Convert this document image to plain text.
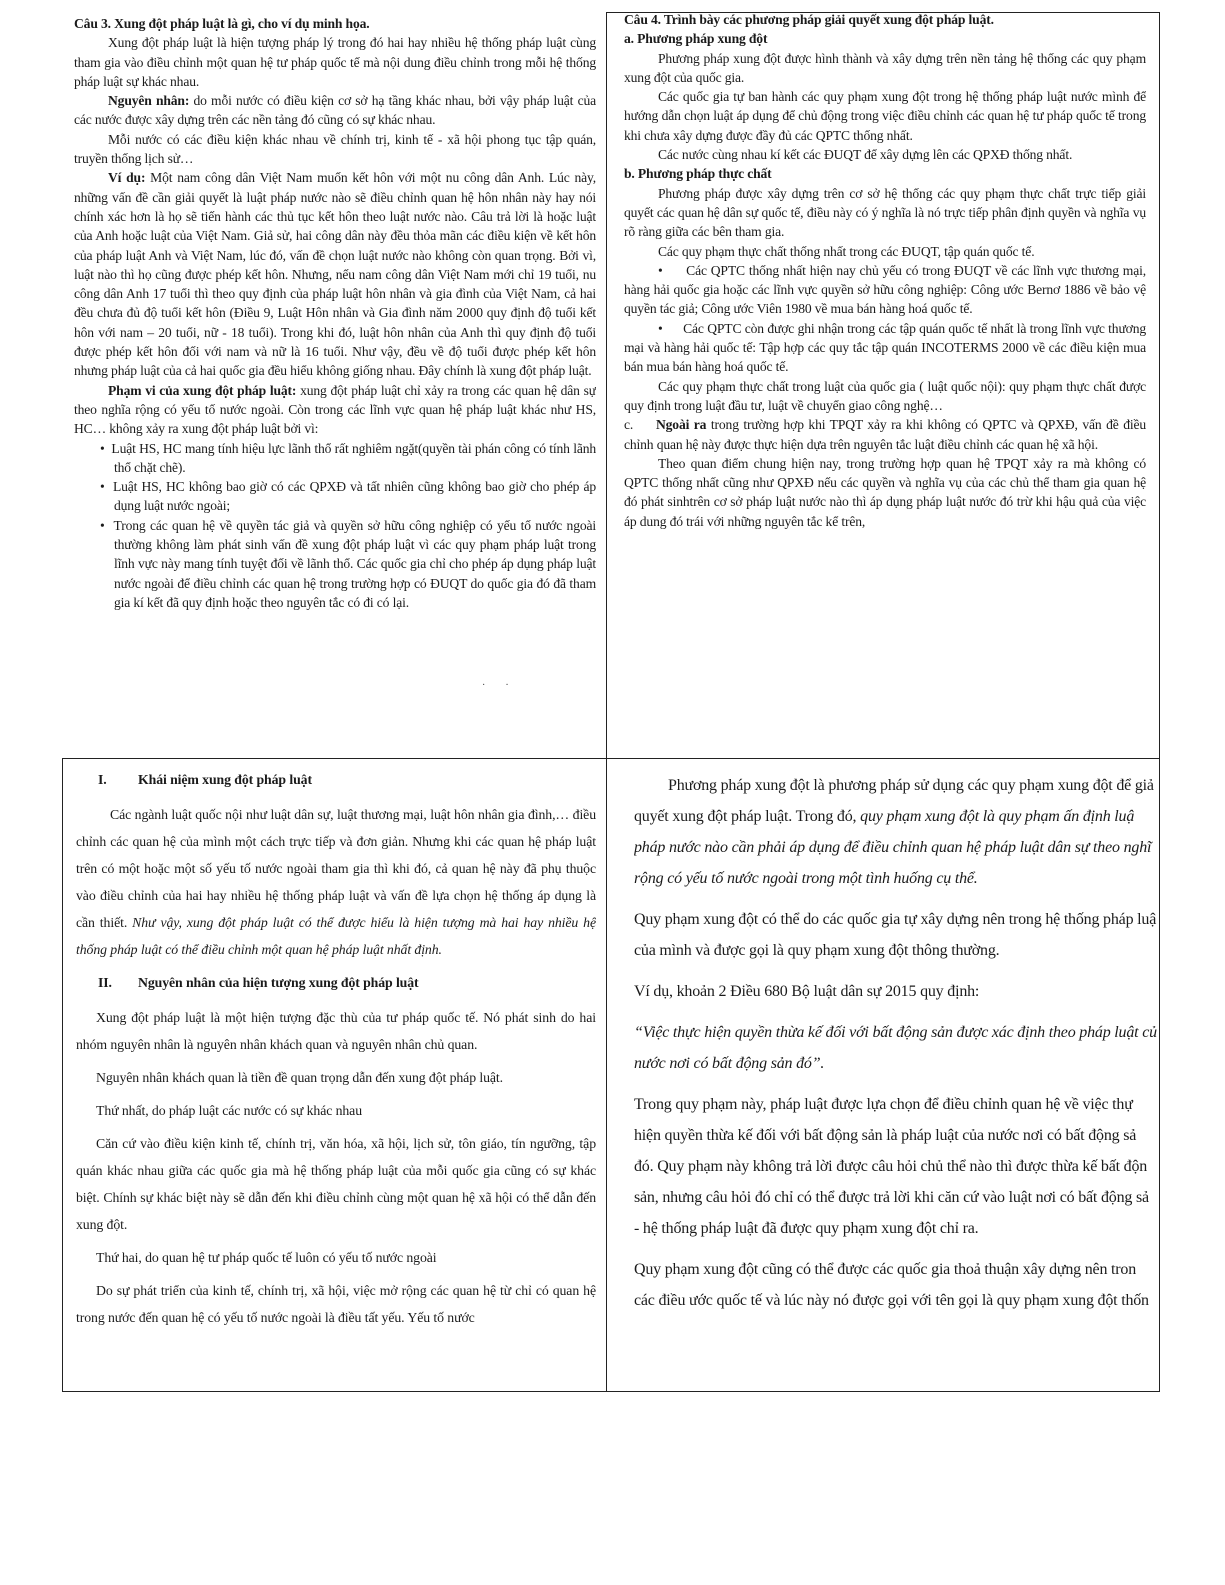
Câu 3. Xung đột pháp luật là gì, cho ví dụ minh họa.

Xung đột pháp luật là hiện tượng pháp lý trong đó hai hay nhiều hệ thống pháp luật cùng tham gia vào điều chỉnh một quan hệ tư pháp quốc tế mà nội dung điều chỉnh trong mỗi hệ thống pháp luật sự khác nhau.

Nguyên nhân: do mỗi nước có điều kiện cơ sở hạ tầng khác nhau, bởi vậy pháp luật của các nước được xây dựng trên các nền tảng đó cũng có sự khác nhau.

Mỗi nước có các điều kiện khác nhau về chính trị, kinh tế - xã hội phong tục tập quán, truyền thống lịch sử…

Ví dụ: Một nam công dân Việt Nam muốn kết hôn với một nu công dân Anh. Lúc này, những vấn đề cần giải quyết là luật pháp nước nào sẽ điều chỉnh quan hệ hôn nhân này hay nói chính xác hơn là họ sẽ tiến hành các thủ tục kết hôn theo luật nước nào. Câu trả lời là hoặc luật của Anh hoặc luật của Việt Nam. Giả sử, hai công dân này đều thỏa mãn các điều kiện về kết hôn của pháp luật Anh và Việt Nam, lúc đó, vấn đề chọn luật nước nào không còn quan trọng. Bởi vì, luật nào thì họ cũng được phép kết hôn. Nhưng, nếu nam công dân Việt Nam mới chỉ 19 tuổi, nu công dân Anh 17 tuổi thì theo quy định của pháp luật hôn nhân và gia đình của Việt Nam, cả hai đều chưa đủ độ tuổi kết hôn (Điều 9, Luật Hôn nhân và Gia đình năm 2000 quy định độ tuổi kết hôn với nam – 20 tuổi, nữ - 18 tuổi). Trong khi đó, luật hôn nhân của Anh thì quy định độ tuổi được phép kết hôn đối với nam và nữ là 16 tuổi. Như vậy, đều về độ tuổi được phép kết hôn nhưng pháp luật của cả hai quốc gia đều hiểu không giống nhau. Đây chính là xung đột pháp luật.

Phạm vi của xung đột pháp luật: xung đột pháp luật chỉ xảy ra trong các quan hệ dân sự theo nghĩa rộng có yếu tố nước ngoài. Còn trong các lĩnh vực quan hệ pháp luật khác như HS, HC… không xảy ra xung đột pháp luật bởi vì:

• Luật HS, HC mang tính hiệu lực lãnh thổ rất nghiêm ngặt(quyền tài phán công có tính lãnh thổ chặt chẽ).

• Luật HS, HC không bao giờ có các QPXĐ và tất nhiên cũng không bao giờ cho phép áp dụng luật nước ngoài;

• Trong các quan hệ về quyền tác giả và quyền sở hữu công nghiệp có yếu tố nước ngoài thường không làm phát sinh vấn đề xung đột pháp luật vì các quy phạm pháp luật trong lĩnh vực này mang tính tuyệt đối về lãnh thổ. Các quốc gia chỉ cho phép áp dụng pháp luật nước ngoài để điều chỉnh các quan hệ trong trường hợp có ĐUQT do quốc gia đó đã tham gia kí kết đã quy định hoặc theo nguyên tắc có đi có lại.

Câu 4. Trình bày các phương pháp giải quyết xung đột pháp luật.

a. Phương pháp xung đột

Phương pháp xung đột được hình thành và xây dựng trên nền tảng hệ thống các quy phạm xung đột của quốc gia.

Các quốc gia tự ban hành các quy phạm xung đột trong hệ thống pháp luật nước mình để hướng dẫn chọn luật áp dụng để chủ động trong việc điều chỉnh các quan hệ tư pháp quốc tế trong khi chưa xây dựng được đầy đủ các QPTC thống nhất.

Các nước cùng nhau kí kết các ĐUQT để xây dựng lên các QPXĐ thống nhất.

b. Phương pháp thực chất

Phương pháp được xây dựng trên cơ sở hệ thống các quy phạm thực chất trực tiếp giải quyết các quan hệ dân sự quốc tế, điều này có ý nghĩa là nó trực tiếp phân định quyền và nghĩa vụ rõ ràng giữa các bên tham gia.

Các quy phạm thực chất thống nhất trong các ĐUQT, tập quán quốc tế.

• Các QPTC thống nhất hiện nay chủ yếu có trong ĐUQT về các lĩnh vực thương mại, hàng hải quốc gia hoặc các lĩnh vực quyền sở hữu công nghiệp: Công ước Bernơ 1886 về bảo vệ quyền tác giả; Công ước Viên 1980 về mua bán hàng hoá quốc tế.

• Các QPTC còn được ghi nhận trong các tập quán quốc tế nhất là trong lĩnh vực thương mại và hàng hải quốc tế: Tập hợp các quy tắc tập quán INCOTERMS 2000 về các điều kiện mua bán mua bán hàng hoá quốc tế.

Các quy phạm thực chất trong luật của quốc gia ( luật quốc nội): quy phạm thực chất được quy định trong luật đầu tư, luật về chuyển giao công nghệ…

c. Ngoài ra trong trường hợp khi TPQT xảy ra khi không có QPTC và QPXĐ, vấn đề điều chỉnh quan hệ này được thực hiện dựa trên nguyên tắc luật điều chỉnh các quan hệ xã hội.

Theo quan điểm chung hiện nay, trong trường hợp quan hệ TPQT xảy ra mà không có QPTC thống nhất cũng như QPXĐ nếu các quyền và nghĩa vụ của các chủ thể tham gia quan hệ đó phát sinhtrên cơ sở pháp luật nước nào thì áp dụng pháp luật nước đó trừ khi hậu quả của việc áp dung đó trái với những nguyên tắc kể trên,

·        ·

I. Khái niệm xung đột pháp luật

Các ngành luật quốc nội như luật dân sự, luật thương mại, luật hôn nhân gia đình,… điều chỉnh các quan hệ của mình một cách trực tiếp và đơn giản. Nhưng khi các quan hệ pháp luật trên có một hoặc một số yếu tố nước ngoài tham gia thì khi đó, cả quan hệ này đã phụ thuộc vào điều chỉnh của hai hay nhiều hệ thống pháp luật và vấn đề lựa chọn hệ thống áp dụng là cần thiết. Như vậy, xung đột pháp luật có thể được hiểu là hiện tượng mà hai hay nhiều hệ thống pháp luật có thể điều chỉnh một quan hệ pháp luật nhất định.

II. Nguyên nhân của hiện tượng xung đột pháp luật

Xung đột pháp luật là một hiện tượng đặc thù của tư pháp quốc tế. Nó phát sinh do hai nhóm nguyên nhân là nguyên nhân khách quan và nguyên nhân chủ quan.

Nguyên nhân khách quan là tiền đề quan trọng dẫn đến xung đột pháp luật.

Thứ nhất, do pháp luật các nước có sự khác nhau

Căn cứ vào điều kiện kinh tế, chính trị, văn hóa, xã hội, lịch sử, tôn giáo, tín ngưỡng, tập quán khác nhau giữa các quốc gia mà hệ thống pháp luật của mỗi quốc gia cũng có sự khác biệt. Chính sự khác biệt này sẽ dẫn đến khi điều chỉnh cùng một quan hệ xã hội có thể dẫn đến xung đột.

Thứ hai, do quan hệ tư pháp quốc tế luôn có yếu tố nước ngoài

Do sự phát triển của kinh tế, chính trị, xã hội, việc mở rộng các quan hệ từ chỉ có quan hệ trong nước đến quan hệ có yếu tố nước ngoài là điều tất yếu. Yếu tố nước

Phương pháp xung đột là phương pháp sử dụng các quy phạm xung đột để giả

quyết xung đột pháp luật. Trong đó, quy phạm xung đột là quy phạm ấn định luậ

pháp nước nào cần phải áp dụng để điều chỉnh quan hệ pháp luật dân sự theo nghĩ

rộng có yếu tố nước ngoài trong một tình huống cụ thể.

Quy phạm xung đột có thể do các quốc gia tự xây dựng nên trong hệ thống pháp luậ

của mình và được gọi là quy phạm xung đột thông thường.

Ví dụ, khoản 2 Điều 680 Bộ luật dân sự 2015 quy định:

“Việc thực hiện quyền thừa kế đối với bất động sản được xác định theo pháp luật củ

nước nơi có bất động sản đó”.

Trong quy phạm này, pháp luật được lựa chọn để điều chỉnh quan hệ về việc thự

hiện quyền thừa kế đối với bất động sản là pháp luật của nước nơi có bất động sả

đó. Quy phạm này không trả lời được câu hỏi chủ thể nào thì được thừa kế bất độn

sản, nhưng câu hỏi đó chỉ có thể được trả lời khi căn cứ vào luật nơi có bất động sả

- hệ thống pháp luật đã được quy phạm xung đột chỉ ra.

Quy phạm xung đột cũng có thể được các quốc gia thoả thuận xây dựng nên tron

các điều ước quốc tế và lúc này nó được gọi với tên gọi là quy phạm xung đột thốn
